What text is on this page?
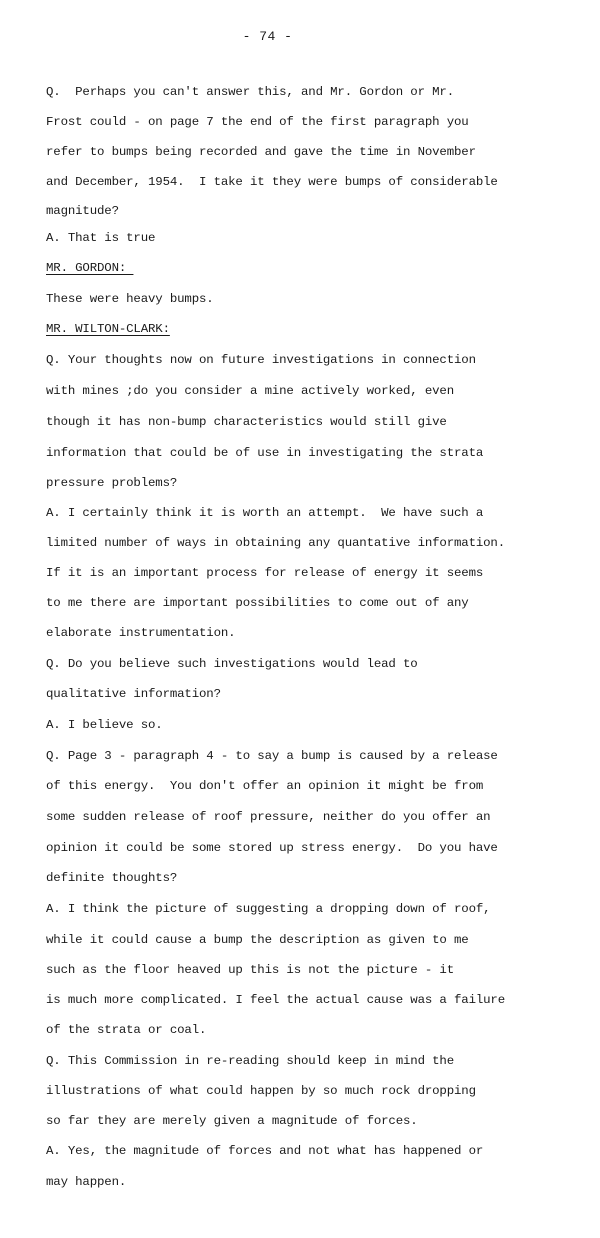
- 74 -
Q.  Perhaps you can't answer this, and Mr. Gordon or Mr.
Frost could - on page 7 the end of the first paragraph you
refer to bumps being recorded and gave the time in November
and December, 1954.  I take it they were bumps of considerable
magnitude?
A. That is true
MR. GORDON:
These were heavy bumps.
MR. WILTON-CLARK:
Q. Your thoughts now on future investigations in connection
with mines ;do you consider a mine actively worked, even
though it has non-bump characteristics would still give
information that could be of use in investigating the strata
pressure problems?
A. I certainly think it is worth an attempt.  We have such a
limited number of ways in obtaining any quantative information.
If it is an important process for release of energy it seems
to me there are important possibilities to come out of any
elaborate instrumentation.
Q. Do you believe such investigations would lead to
qualitative information?
A. I believe so.
Q. Page 3 - paragraph 4 - to say a bump is caused by a release
of this energy.  You don't offer an opinion it might be from
some sudden release of roof pressure, neither do you offer an
opinion it could be some stored up stress energy.  Do you have
definite thoughts?
A. I think the picture of suggesting a dropping down of roof,
while it could cause a bump the description as given to me
such as the floor heaved up this is not the picture - it
is much more complicated. I feel the actual cause was a failure
of the strata or coal.
Q. This Commission in re-reading should keep in mind the
illustrations of what could happen by so much rock dropping
so far they are merely given a magnitude of forces.
A. Yes, the magnitude of forces and not what has happened or
may happen.
